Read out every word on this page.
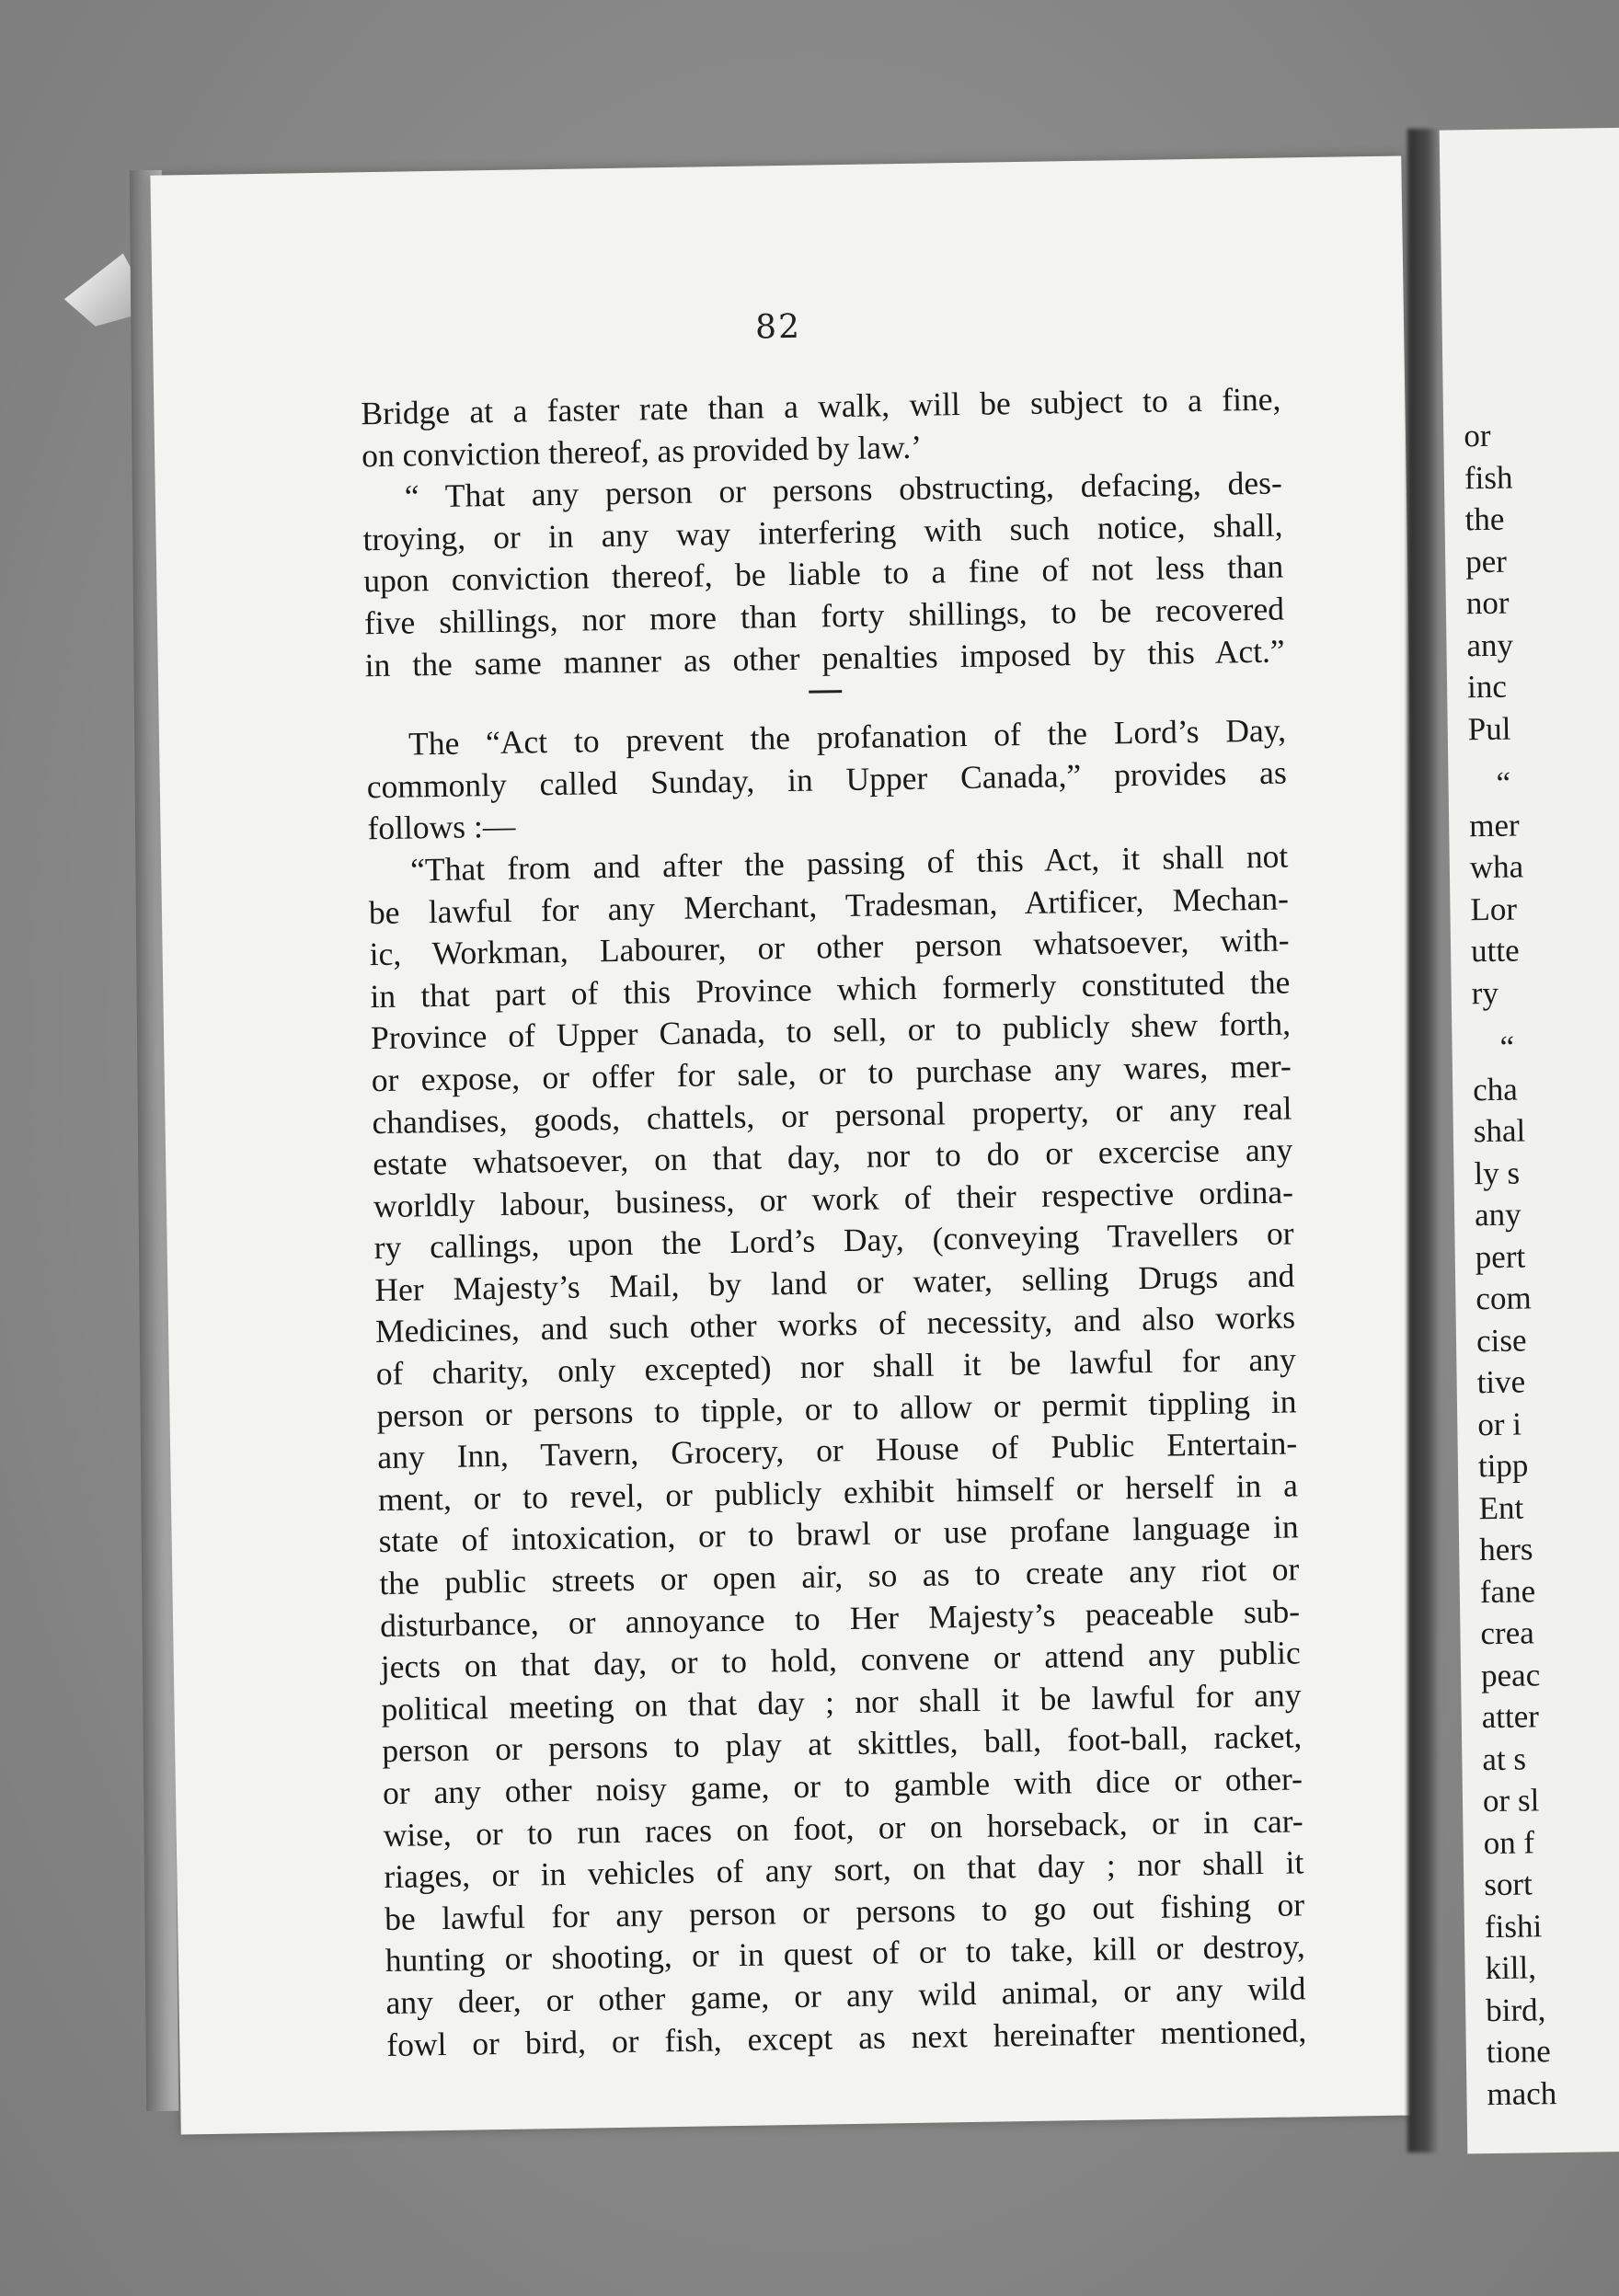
82
Bridge at a faster rate than a walk, will be subject to a fine,
on conviction thereof, as provided by law.’
“ That any person or persons obstructing, defacing, des-
troying, or in any way interfering with such notice, shall,
upon conviction thereof, be liable to a fine of not less than
five shillings, nor more than forty shillings, to be recovered
in the same manner as other penalties imposed by this Act.”
The “Act to prevent the profanation of the Lord’s Day,
commonly called Sunday, in Upper Canada,” provides as
follows :—
“That from and after the passing of this Act, it shall not
be lawful for any Merchant, Tradesman, Artificer, Mechan-
ic, Workman, Labourer, or other person whatsoever, with-
in that part of this Province which formerly constituted the
Province of Upper Canada, to sell, or to publicly shew forth,
or expose, or offer for sale, or to purchase any wares, mer-
chandises, goods, chattels, or personal property, or any real
estate whatsoever, on that day, nor to do or excercise any
worldly labour, business, or work of their respective ordina-
ry callings, upon the Lord’s Day, (conveying Travellers or
Her Majesty’s Mail, by land or water, selling Drugs and
Medicines, and such other works of necessity, and also works
of charity, only excepted) nor shall it be lawful for any
person or persons to tipple, or to allow or permit tippling in
any Inn, Tavern, Grocery, or House of Public Entertain-
ment, or to revel, or publicly exhibit himself or herself in a
state of intoxication, or to brawl or use profane language in
the public streets or open air, so as to create any riot or
disturbance, or annoyance to Her Majesty’s peaceable sub-
jects on that day, or to hold, convene or attend any public
political meeting on that day ; nor shall it be lawful for any
person or persons to play at skittles, ball, foot-ball, racket,
or any other noisy game, or to gamble with dice or other-
wise, or to run races on foot, or on horseback, or in car-
riages, or in vehicles of any sort, on that day ; nor shall it
be lawful for any person or persons to go out fishing or
hunting or shooting, or in quest of or to take, kill or destroy,
any deer, or other game, or any wild animal, or any wild
fowl or bird, or fish, except as next hereinafter mentioned,
or
fish
the
per
nor
any
inc
Pul
“
mer
wha
Lor
utte
ry
“
cha
shal
ly s
any
pert
com
cise
tive
or i
tipp
Ent
hers
fane
crea
peac
atter
at s
or sl
on f
sort
fishi
kill,
bird,
tione
mach
